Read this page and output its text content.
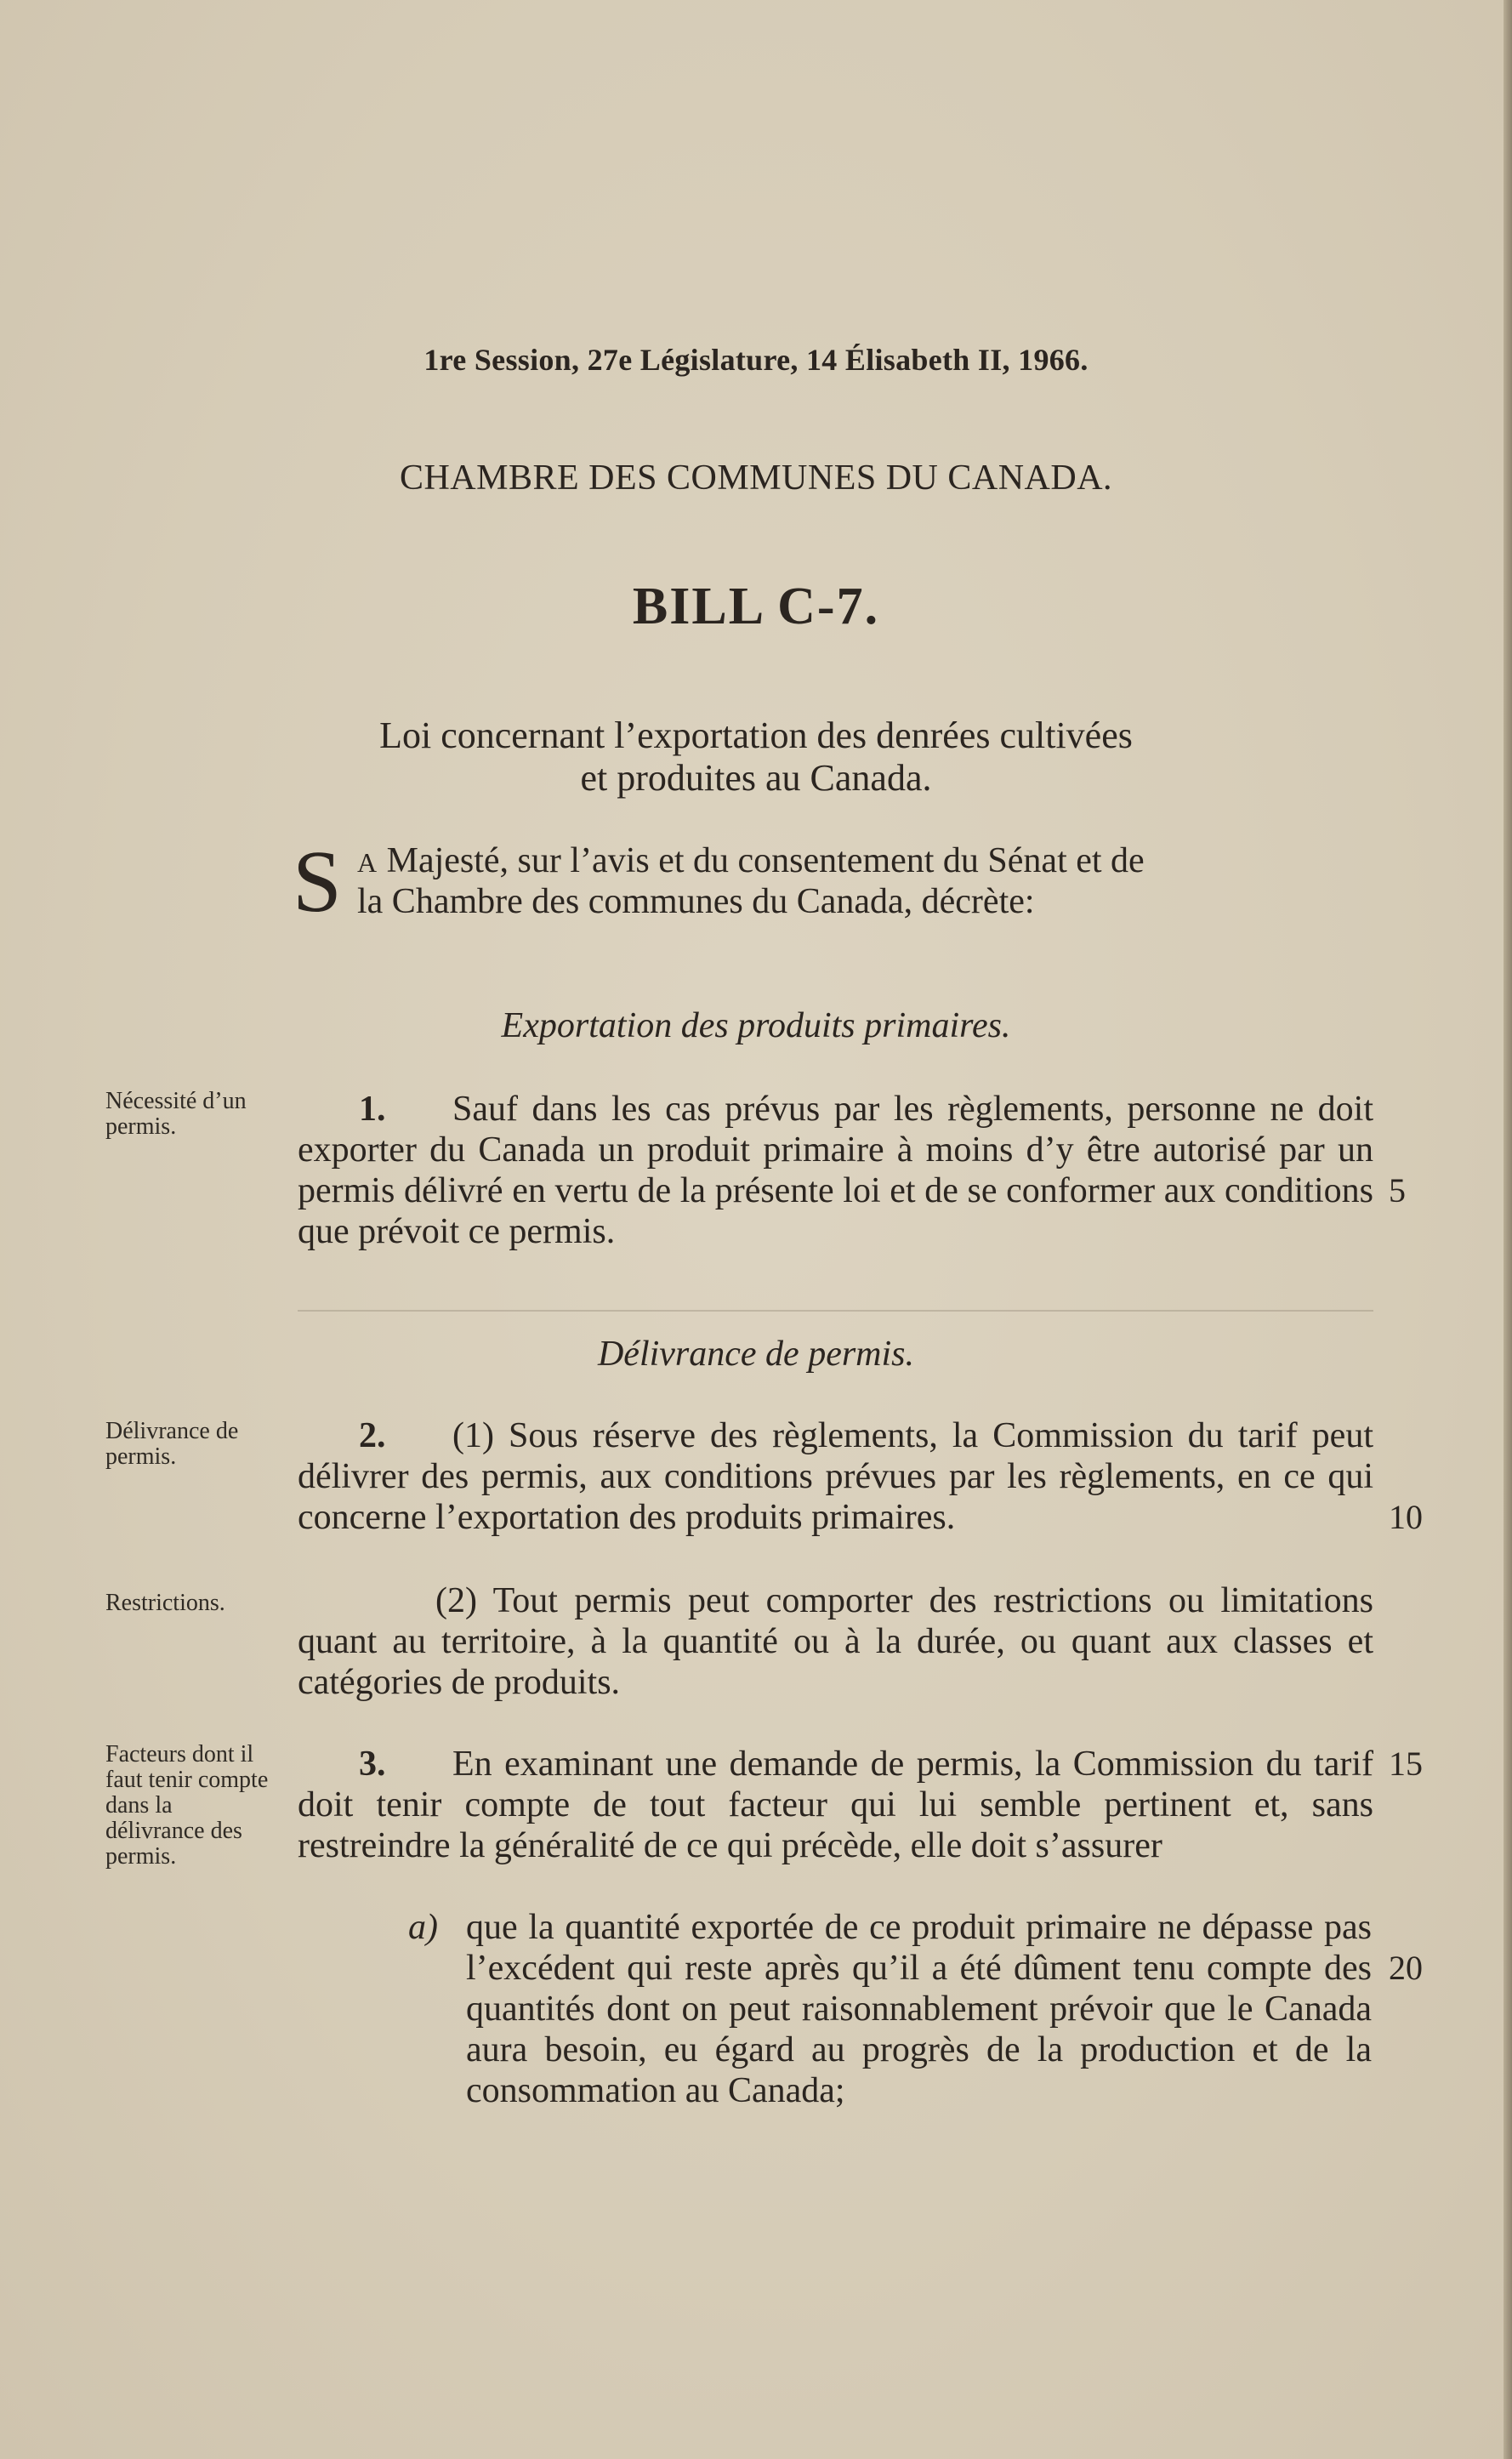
1re Session, 27e Législature, 14 Élisabeth II, 1966.
CHAMBRE DES COMMUNES DU CANADA.
BILL C-7.
Loi concernant l’exportation des denrées cultivées
et produites au Canada.
S A Majesté, sur l’avis et du consentement du Sénat et de
la Chambre des communes du Canada, décrète:
Exportation des produits primaires.
Nécessité d’un permis.	1. Sauf dans les cas prévus par les règlements, personne ne doit exporter du Canada un produit primaire à moins d’y être autorisé par un permis délivré en vertu de la présente loi et de se conformer aux conditions que prévoit ce permis.

5
Délivrance de permis.
Délivrance de permis.

2. (1) Sous réserve des règlements, la Commission du tarif peut délivrer des permis, aux conditions prévues par les règlements, en ce qui concerne l’exportation des produits primaires.	10
Restrictions.	(2) Tout permis peut comporter des restrictions ou limitations quant au territoire, à la quantité ou à la durée, ou quant aux classes et catégories de produits.

Facteurs dont il faut tenir compte dans la délivrance des permis.

3. En examinant une demande de permis, la Commission du tarif doit tenir compte de tout facteur qui lui semble pertinent et, sans restreindre la généralité de ce qui précède, elle doit s’assurer

15
a) que la quantité exportée de ce produit primaire ne dépasse pas l’excédent qui reste après qu’il a été dûment tenu compte des quantités dont on peut raisonnablement prévoir que le Canada aura besoin, eu égard au progrès de la production et de la consommation au Canada;
20
